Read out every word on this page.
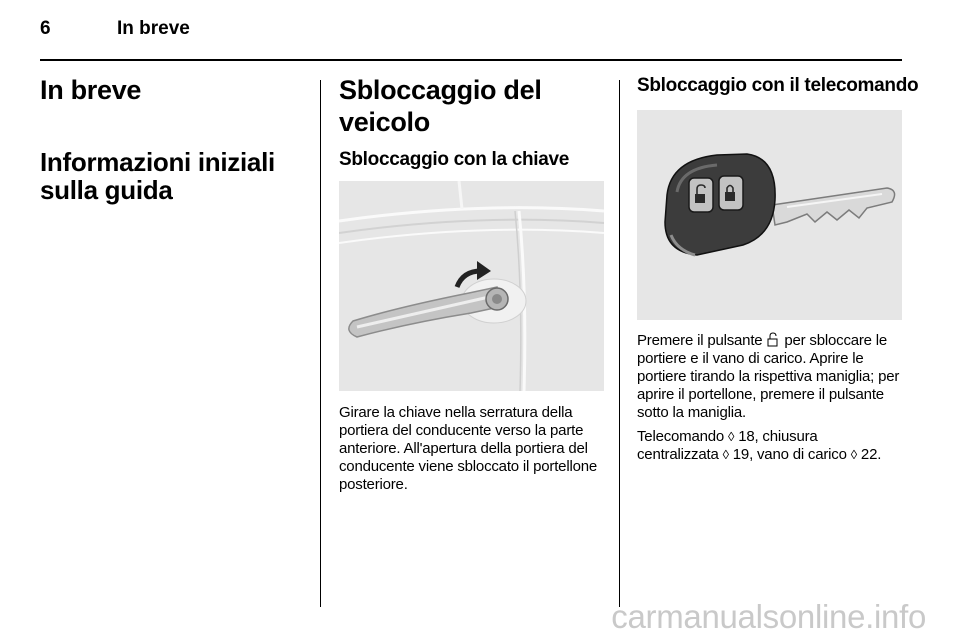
6	In breve
In breve
Informazioni iniziali sulla guida
Sbloccaggio del veicolo
Sbloccaggio con la chiave

Girare la chiave nella serratura della portiera del conducente verso la parte anteriore. All'apertura della portiera del conducente viene sbloccato il portellone posteriore.

Sbloccaggio con il telecomando

Premere il pulsante per sbloccare le portiere e il vano di carico. Aprire le portiere tirando la rispettiva maniglia; per aprire il portellone, premere il pulsante sotto la maniglia.

Telecomando ◊ 18, chiusura centralizzata ◊ 19, vano di carico ◊ 22.

carmanualsonline.info
